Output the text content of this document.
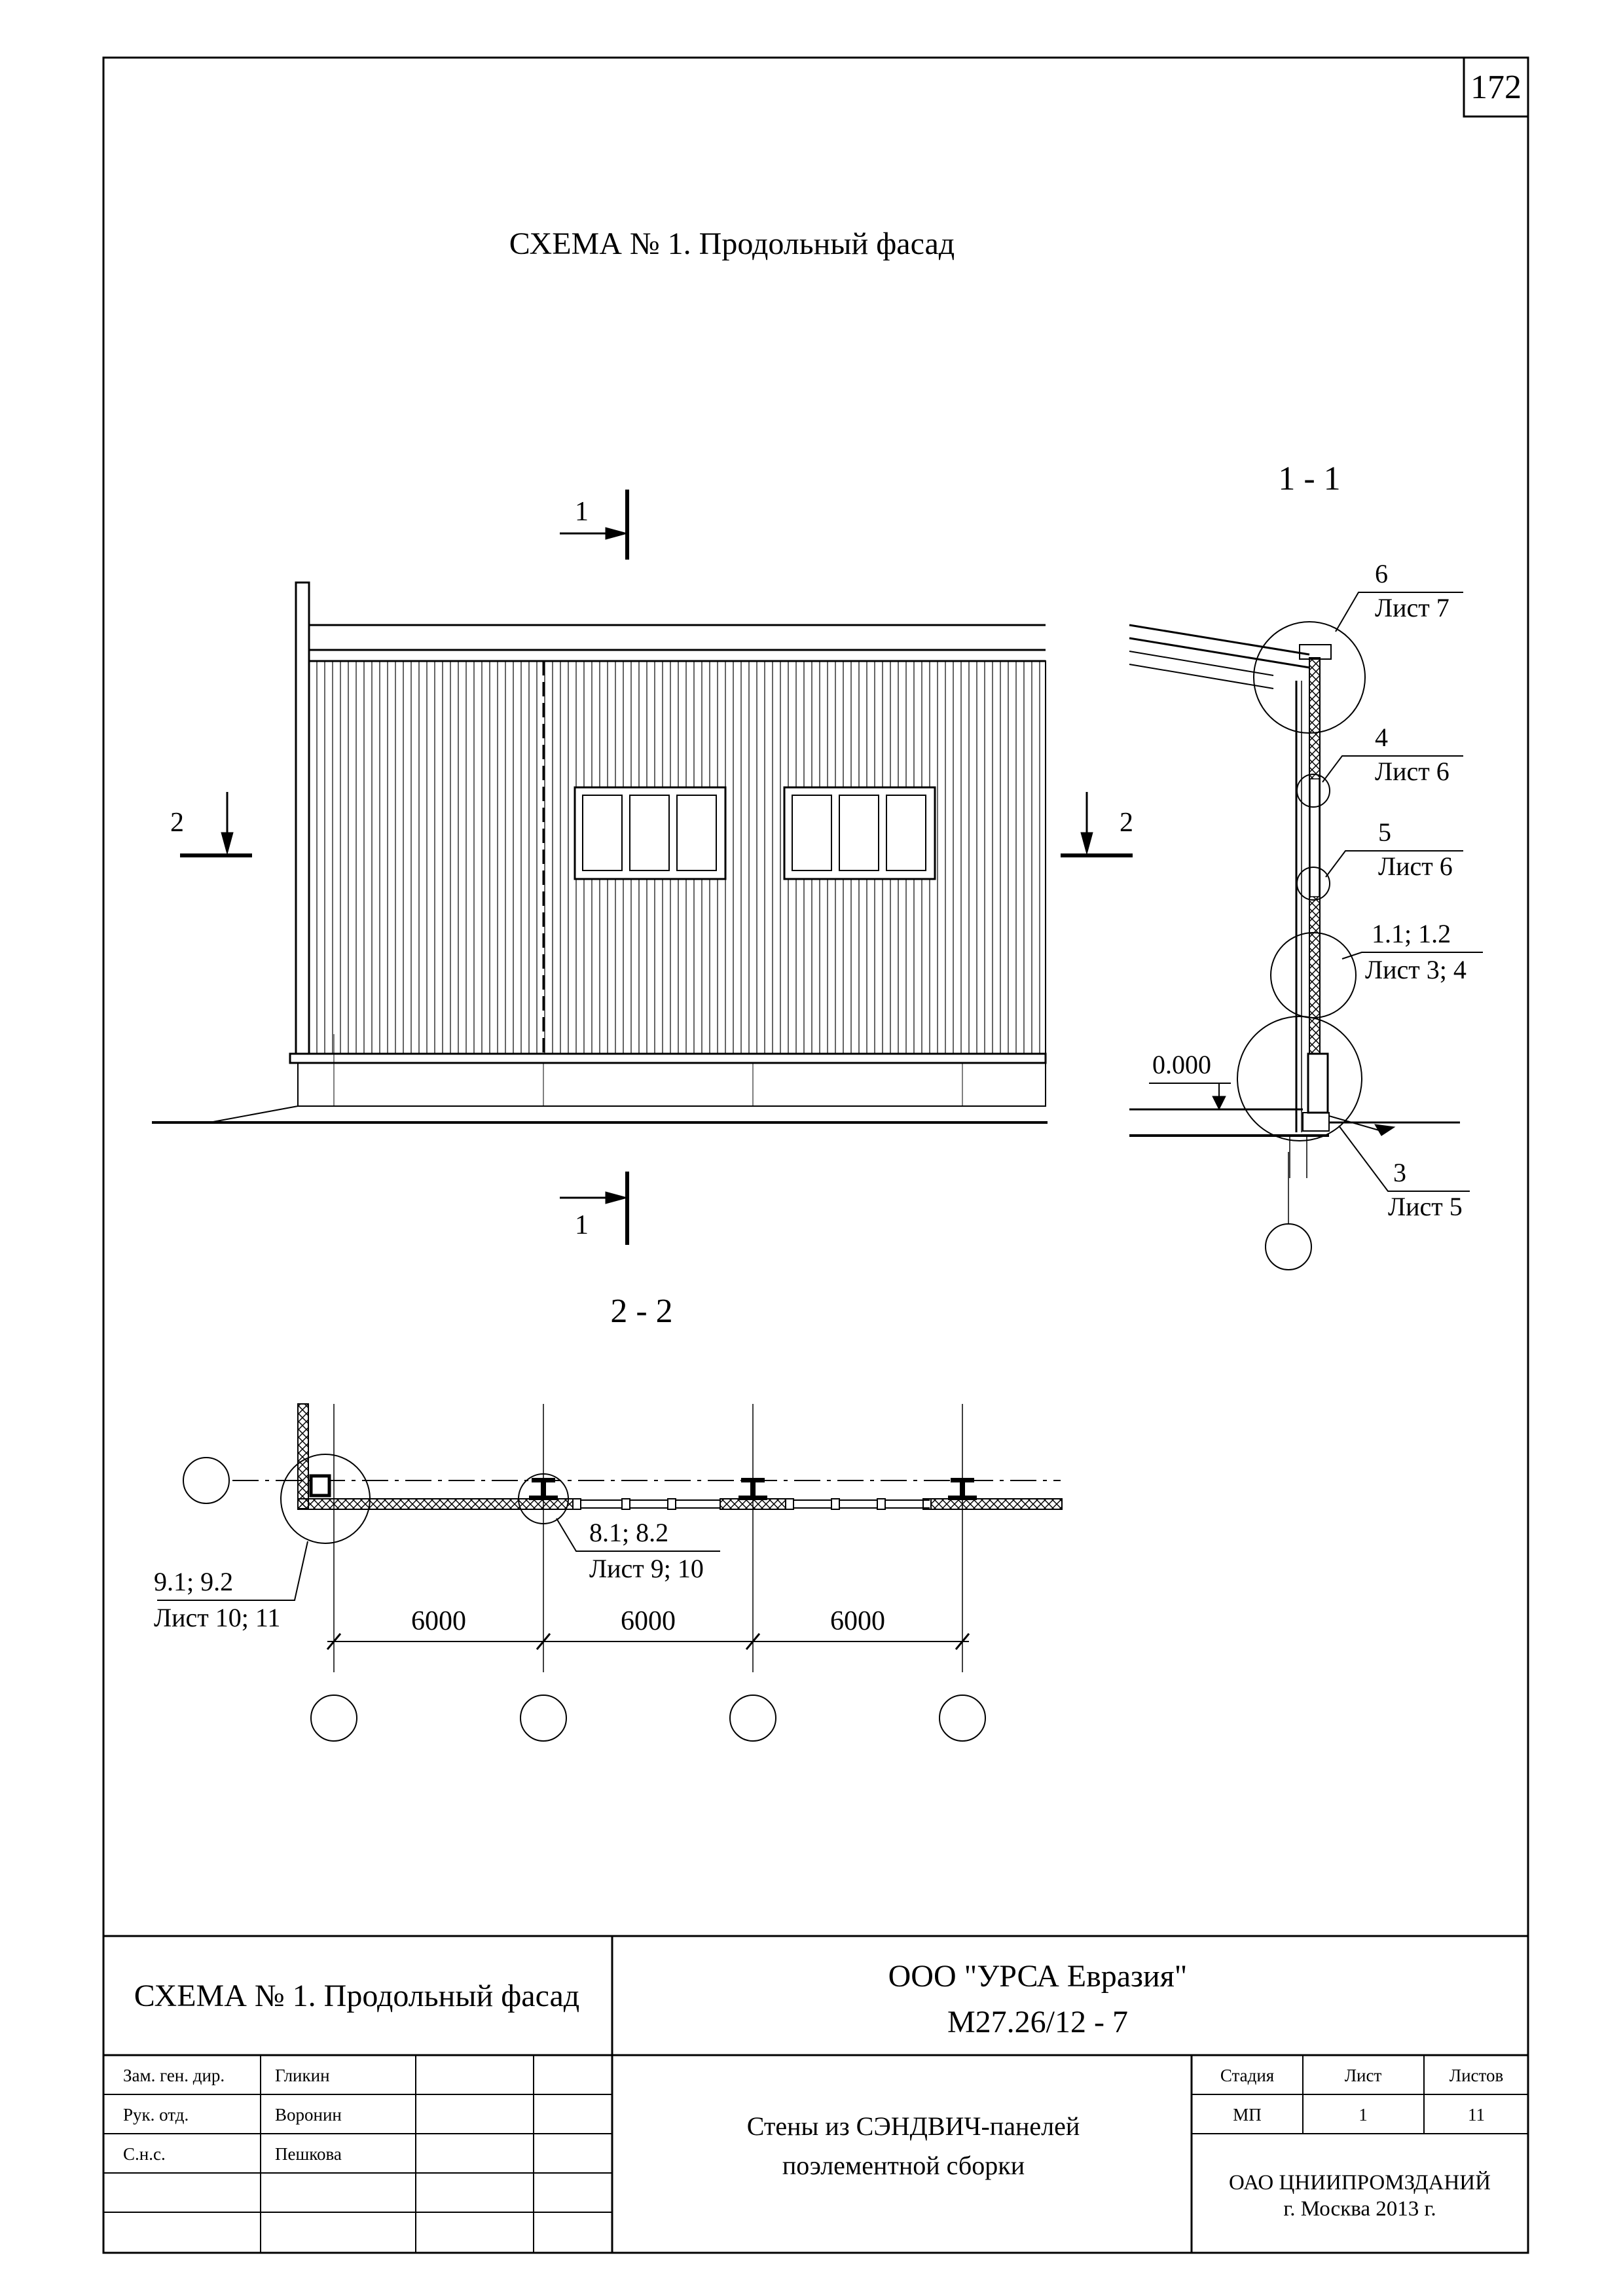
172
СХЕМА № 1. Продольный фасад
1
1
2	2
1 - 1
6
Лист 7
4
Лист 6
5
Лист 6
1.1; 1.2
Лист 3; 4
3
Лист 5
0.000
2 - 2
9.1; 9.2
Лист 10; 11
8.1; 8.2
Лист 9; 10
6000	6000	6000
СХЕМА № 1. Продольный фасад
ООО "УРСА Евразия"
М27.26/12 - 7
Зам. ген. дир.	Гликин
Рук. отд.	Воронин
С.н.с.	Пешкова
Стены из СЭНДВИЧ-панелей
поэлементной сборки
Стадия	Лист	Листов
МП	1	11
ОАО ЦНИИПРОМЗДАНИЙ
г. Москва 2013 г.
